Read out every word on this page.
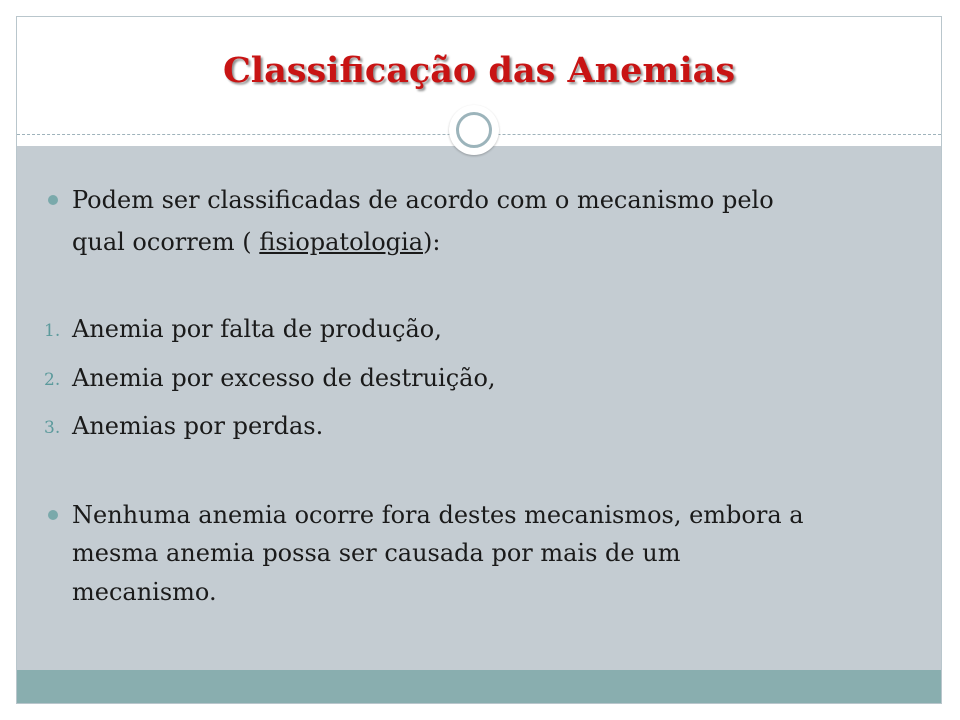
Classificação das Anemias
Podem ser classificadas de acordo com o mecanismo pelo
qual ocorrem ( fisiopatologia):
1. Anemia por falta de produção,
2. Anemia por excesso de destruição,
3. Anemias por perdas.
Nenhuma anemia ocorre fora destes mecanismos, embora a
mesma anemia possa ser causada por mais de um
mecanismo.
